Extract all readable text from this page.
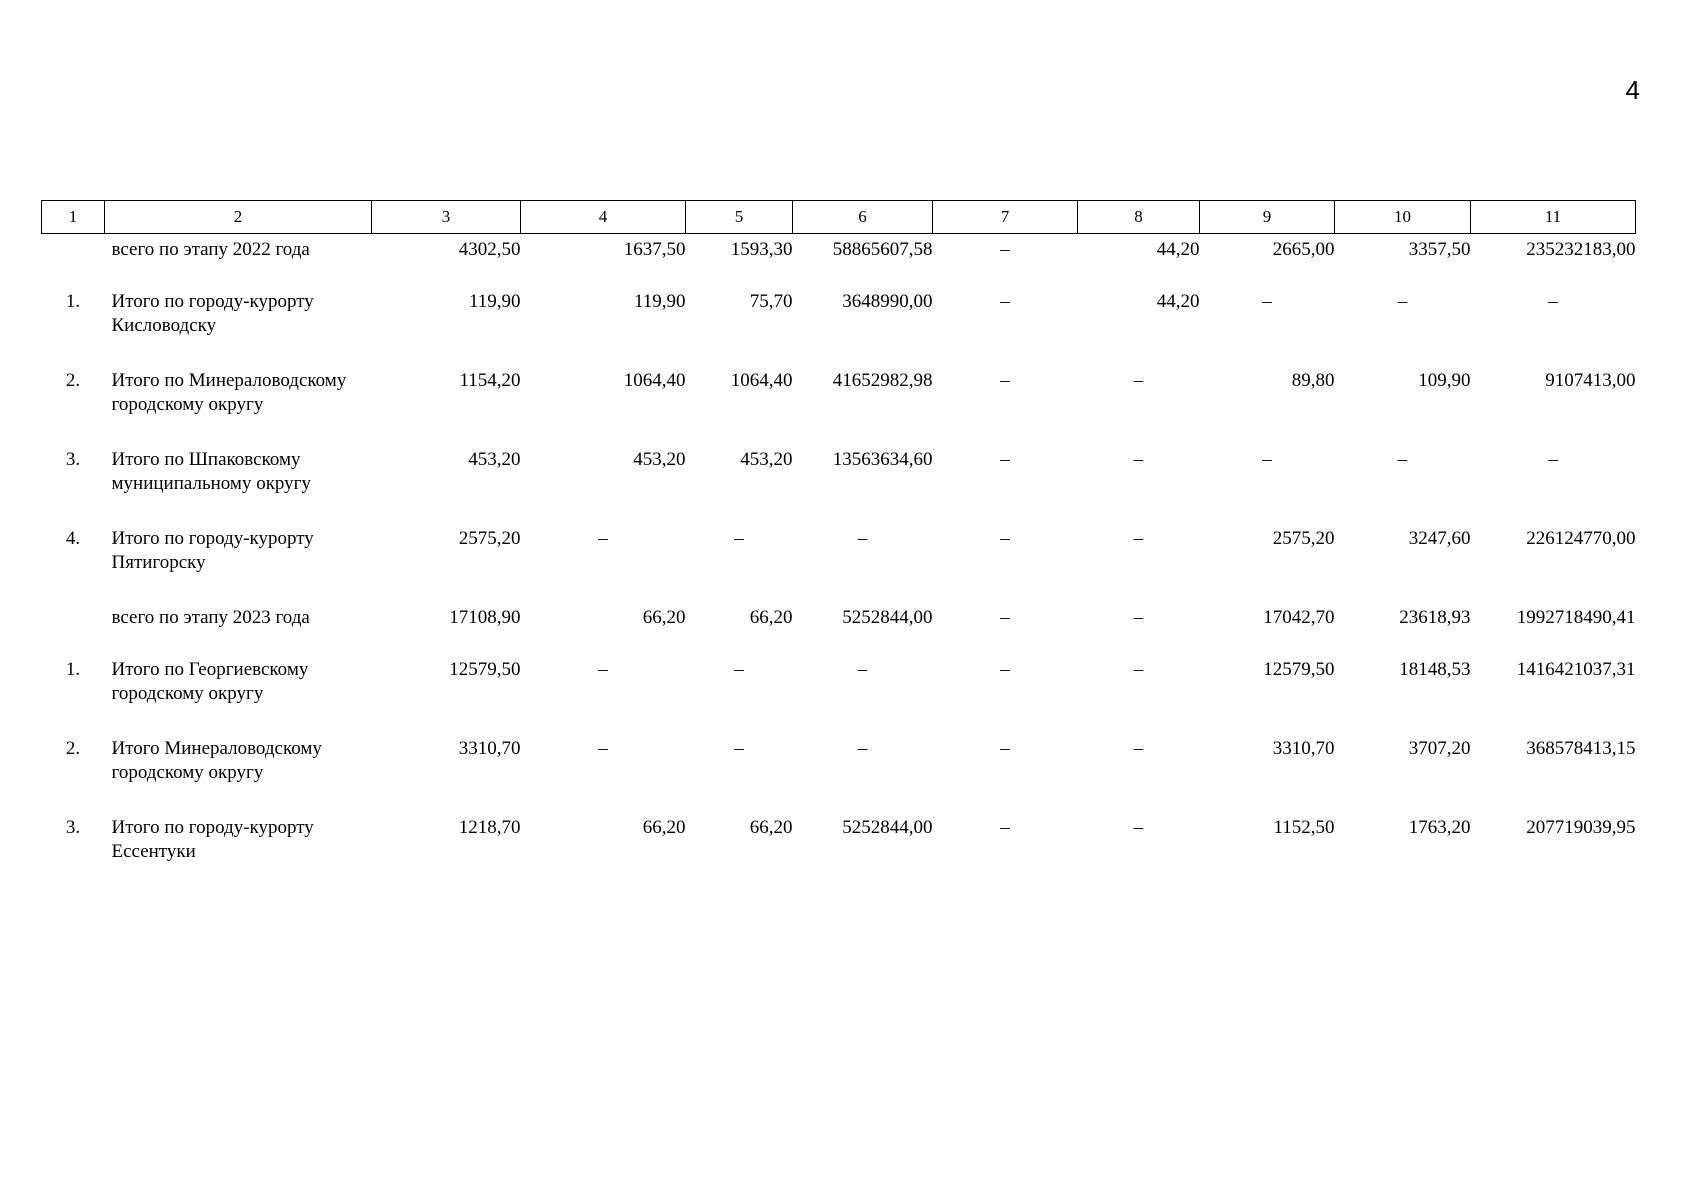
4
1	2	3	4	5	6	7	8	9	10	11

	всего по этапу 2022 года	4302,50	1637,50	1593,30	58865607,58	–	44,20	2665,00	3357,50	235232183,00
1.	Итого по городу-курорту
Кисловодску	119,90	119,90	75,70	3648990,00	–	44,20	–	–	–
2.	Итого по Минераловодскому
городскому округу	1154,20	1064,40	1064,40	41652982,98	–	–	89,80	109,90	9107413,00
3.	Итого по Шпаковскому
муниципальному округу	453,20	453,20	453,20	13563634,60	–	–	–	–	–
4.	Итого по городу-курорту
Пятигорску	2575,20	–	–	–	–	–	2575,20	3247,60	226124770,00

	всего по этапу 2023 года	17108,90	66,20	66,20	5252844,00	–	–	17042,70	23618,93	1992718490,41
1.	Итого по Георгиевскому
городскому округу	12579,50	–	–	–	–	–	12579,50	18148,53	1416421037,31
2.	Итого Минераловодскому
городскому округу	3310,70	–	–	–	–	–	3310,70	3707,20	368578413,15
3.	Итого по городу-курорту
Ессентуки	1218,70	66,20	66,20	5252844,00	–	–	1152,50	1763,20	207719039,95
